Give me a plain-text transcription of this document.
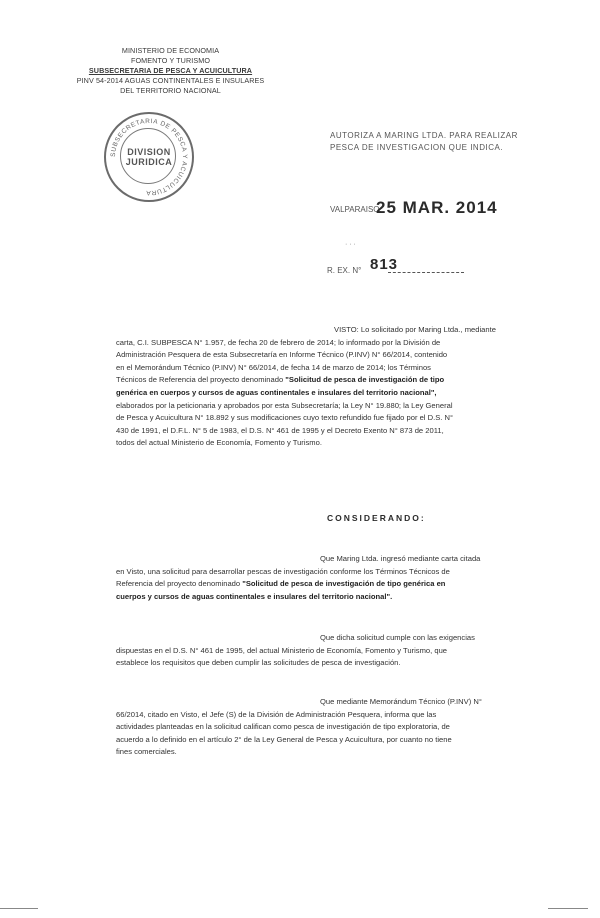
MINISTERIO DE ECONOMIA
FOMENTO Y TURISMO
SUBSECRETARIA DE PESCA Y ACUICULTURA
PINV 54-2014 AGUAS CONTINENTALES E INSULARES
DEL TERRITORIO NACIONAL
SUBSECRETARIA DE PESCA Y ACUICULTURA
DIVISION
JURIDICA
AUTORIZA A MARING LTDA. PARA REALIZAR
PESCA DE INVESTIGACION QUE INDICA.
VALPARAISO,
25 MAR. 2014
· · ·
R. EX. N° 813
VISTO: Lo solicitado por Maring Ltda., mediante
carta, C.I. SUBPESCA N° 1.957, de fecha 20 de febrero de 2014; lo informado por la División de
Administración Pesquera de esta Subsecretaría en Informe Técnico (P.INV) N° 66/2014, contenido
en el Memorándum Técnico (P.INV) N° 66/2014, de fecha 14 de marzo de 2014; los Términos
Técnicos de Referencia del proyecto denominado "Solicitud de pesca de investigación de tipo
genérica en cuerpos y cursos de aguas continentales e insulares del territorio nacional",
elaborados por la peticionaria y aprobados por esta Subsecretaría; la Ley N° 19.880; la Ley General
de Pesca y Acuicultura N° 18.892 y sus modificaciones cuyo texto refundido fue fijado por el D.S. N°
430 de 1991, el D.F.L. N° 5 de 1983, el D.S. N° 461 de 1995 y el Decreto Exento N° 873 de 2011,
todos del actual Ministerio de Economía, Fomento y Turismo.
CONSIDERANDO:
Que Maring Ltda. ingresó mediante carta citada
en Visto, una solicitud para desarrollar pescas de investigación conforme los Términos Técnicos de
Referencia del proyecto denominado "Solicitud de pesca de investigación de tipo genérica en
cuerpos y cursos de aguas continentales e insulares del territorio nacional".
Que dicha solicitud cumple con las exigencias
dispuestas en el D.S. N° 461 de 1995, del actual Ministerio de Economía, Fomento y Turismo, que
establece los requisitos que deben cumplir las solicitudes de pesca de investigación.
Que mediante Memorándum Técnico (P.INV) N°
66/2014, citado en Visto, el Jefe (S) de la División de Administración Pesquera, informa que las
actividades planteadas en la solicitud califican como pesca de investigación de tipo exploratoria, de
acuerdo a lo definido en el artículo 2° de la Ley General de Pesca y Acuicultura, por cuanto no tiene
fines comerciales.
